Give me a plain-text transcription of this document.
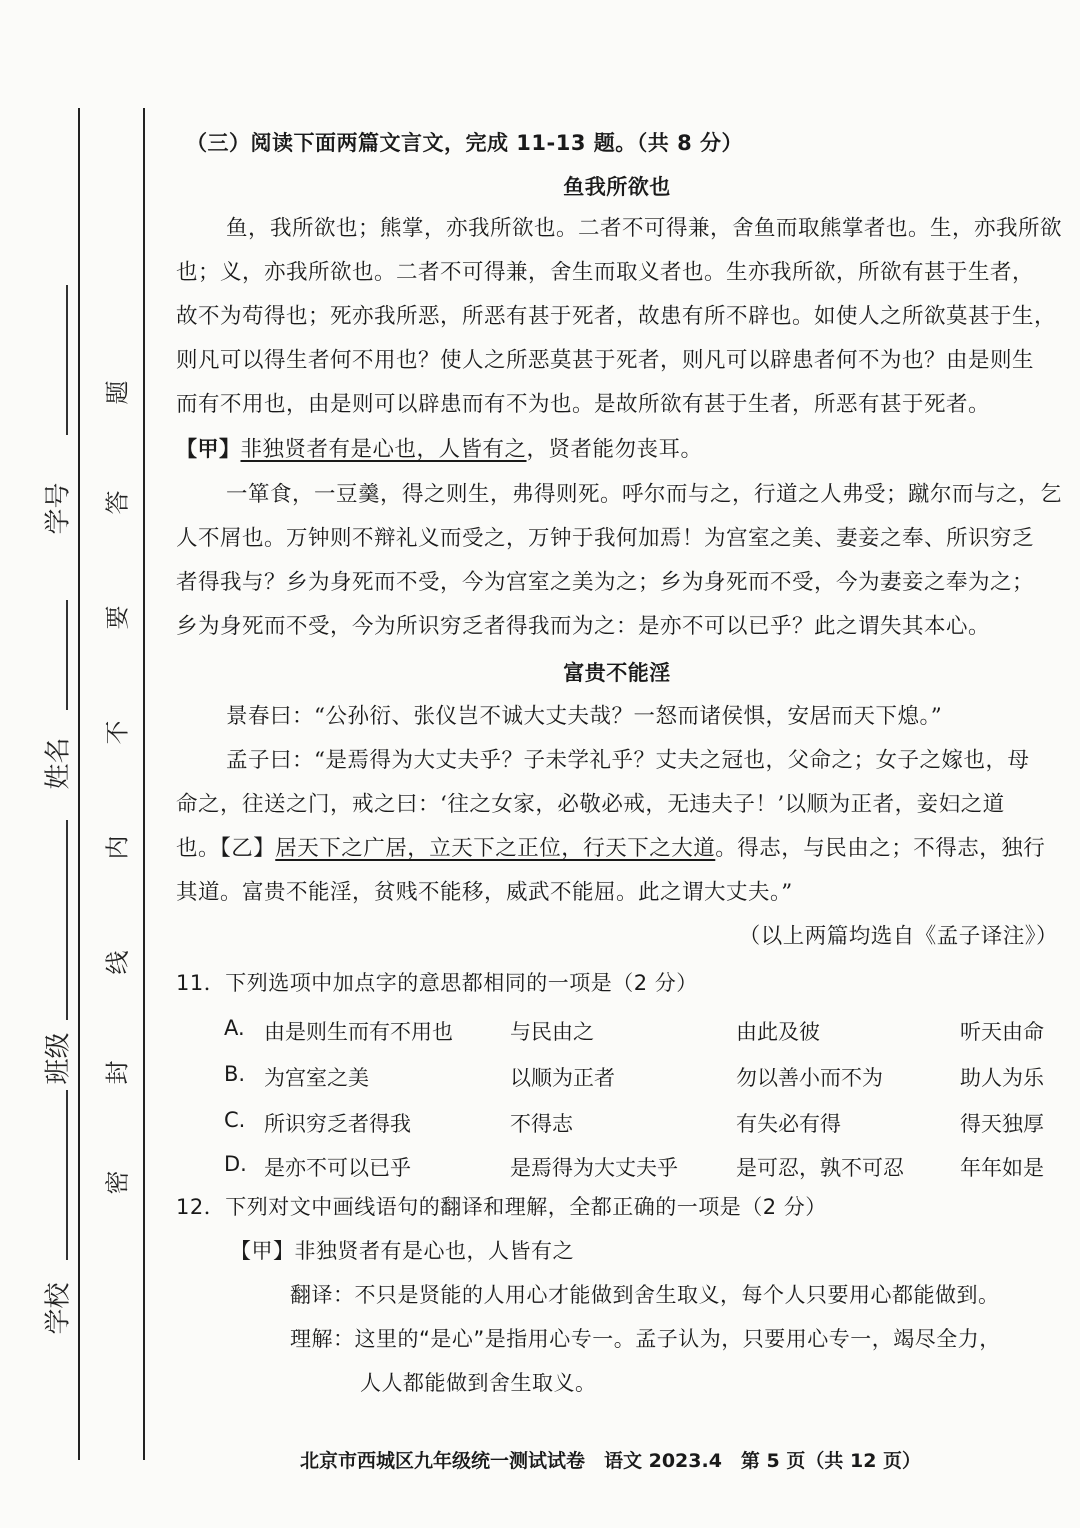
学号
姓名
班级
学校
题
答
要
不
内
线
封
密
（三）阅读下面两篇文言文，完成 11-13 题。（共 8 分）
鱼我所欲也
鱼，我所欲也；熊掌，亦我所欲也。二者不可得兼，舍鱼而取熊掌者也。生，亦我所欲
也；义，亦我所欲也。二者不可得兼，舍生而取义者也。生亦我所欲，所欲有甚于生者，
故不为苟得也；死亦我所恶，所恶有甚于死者，故患有所不辟也。如使人之所欲莫甚于生，
则凡可以得生者何不用也？使人之所恶莫甚于死者，则凡可以辟患者何不为也？由是则生
而有不用也，由是则可以辟患而有不为也。是故所欲有甚于生者，所恶有甚于死者。
【甲】非独贤者有是心也，人皆有之，贤者能勿丧耳。
一箪食，一豆羹，得之则生，弗得则死。呼尔而与之，行道之人弗受；蹴尔而与之，乞
人不屑也。万钟则不辩礼义而受之，万钟于我何加焉！为宫室之美、妻妾之奉、所识穷乏
者得我与？乡为身死而不受，今为宫室之美为之；乡为身死而不受，今为妻妾之奉为之；
乡为身死而不受，今为所识穷乏者得我而为之：是亦不可以已乎？此之谓失其本心。
富贵不能淫
景春曰：“公孙衍、张仪岂不诚大丈夫哉？一怒而诸侯惧，安居而天下熄。”
孟子曰：“是焉得为大丈夫乎？子未学礼乎？丈夫之冠也，父命之；女子之嫁也，母
命之，往送之门，戒之曰：‘往之女家，必敬必戒，无违夫子！’以顺为正者，妾妇之道
也。【乙】居天下之广居，立天下之正位，行天下之大道。得志，与民由之；不得志，独行
其道。富贵不能淫，贫贱不能移，威武不能屈。此之谓大丈夫。”
（以上两篇均选自《孟子译注》）
11．下列选项中加点字的意思都相同的一项是（2 分）
A. 由是则生而有不用也	与民由之	由此及彼	听天由命
B. 为宫室之美	以顺为正者	勿以善小而不为	助人为乐
C. 所识穷乏者得我	不得志	有失必有得	得天独厚
D. 是亦不可以已乎	是焉得为大丈夫乎	是可忍，孰不可忍	年年如是
12．下列对文中画线语句的翻译和理解，全都正确的一项是（2 分）
【甲】非独贤者有是心也，人皆有之
翻译：不只是贤能的人用心才能做到舍生取义，每个人只要用心都能做到。
理解：这里的“是心”是指用心专一。孟子认为，只要用心专一，竭尽全力，
人人都能做到舍生取义。
北京市西城区九年级统一测试试卷　语文 2023.4　第 5 页（共 12 页）
